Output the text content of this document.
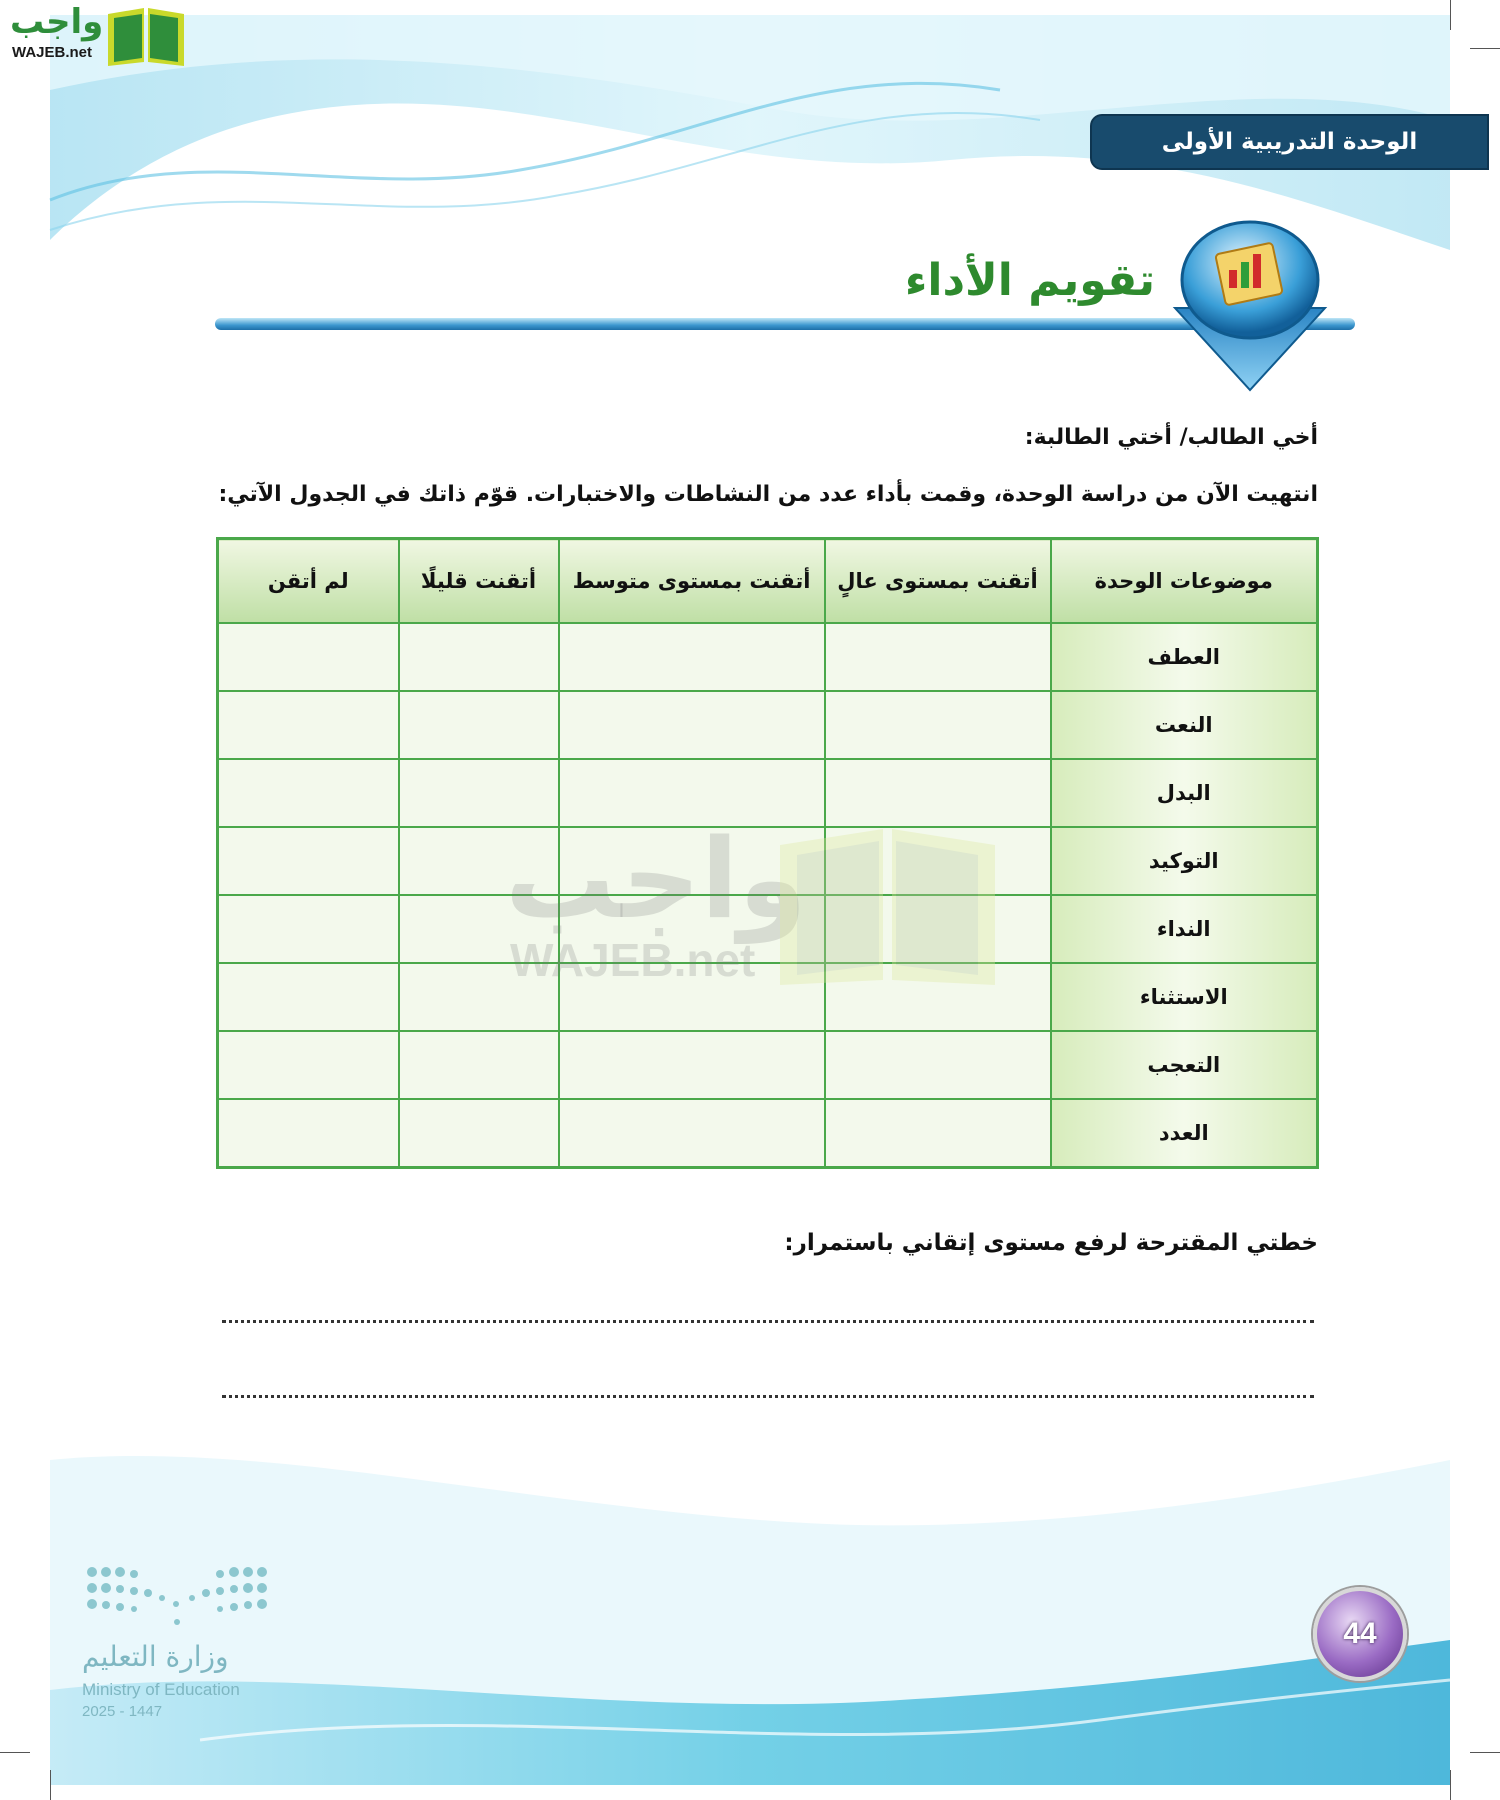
واجب
WAJEB.net
الوحدة التدريبية الأولى
تقويم الأداء
أخي الطالب/ أختي الطالبة:
انتهيت الآن من دراسة الوحدة، وقمت بأداء عدد من النشاطات والاختبارات. قوّم ذاتك في الجدول الآتي:
موضوعات الوحدة	أتقنت بمستوى عالٍ	أتقنت بمستوى متوسط	أتقنت قليلًا	لم أتقن
العطف				
النعت				
البدل				
التوكيد				
النداء				
الاستثناء				
التعجب				
العدد				
واجب
WAJEB.net
خطتي المقترحة لرفع مستوى إتقاني باستمرار:
وزارة التعليم
Ministry of Education
2025 - 1447
44
